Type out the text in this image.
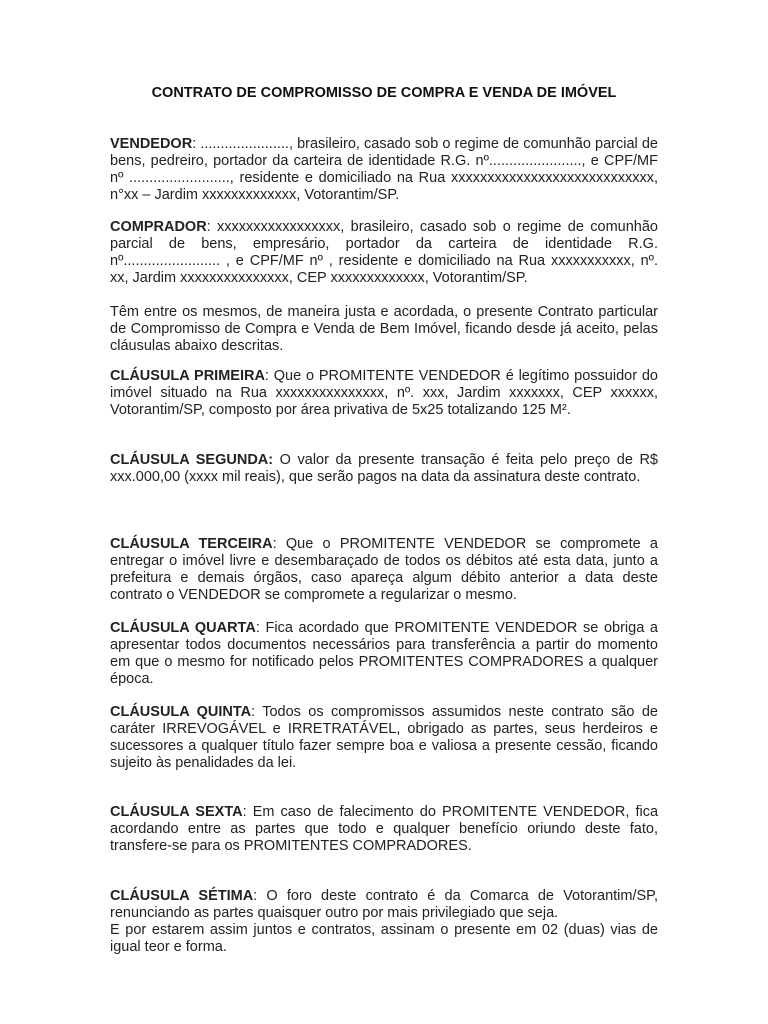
CONTRATO DE COMPROMISSO DE COMPRA E VENDA DE IMÓVEL

VENDEDOR: ......................, brasileiro, casado sob o regime de comunhão parcial de bens, pedreiro, portador da carteira de identidade R.G. nº......................., e CPF/MF nº ........................., residente e domiciliado na Rua xxxxxxxxxxxxxxxxxxxxxxxxxxxx, n°xx – Jardim xxxxxxxxxxxxx, Votorantim/SP.

COMPRADOR: xxxxxxxxxxxxxxxxx, brasileiro, casado sob o regime de comunhão parcial de bens, empresário, portador da carteira de identidade R.G. nº........................ , e CPF/MF nº , residente e domiciliado na Rua xxxxxxxxxxx, nº. xx, Jardim xxxxxxxxxxxxxxx, CEP xxxxxxxxxxxxx, Votorantim/SP.

Têm entre os mesmos, de maneira justa e acordada, o presente Contrato particular de Compromisso de Compra e Venda de Bem Imóvel, ficando desde já aceito, pelas cláusulas abaixo descritas.

CLÁUSULA PRIMEIRA: Que o PROMITENTE VENDEDOR é legítimo possuidor do imóvel situado na Rua xxxxxxxxxxxxxxx, nº. xxx, Jardim xxxxxxx, CEP xxxxxx, Votorantim/SP, composto por área privativa de 5x25 totalizando 125 M².

CLÁUSULA SEGUNDA: O valor da presente transação é feita pelo preço de R$ xxx.000,00 (xxxx mil reais), que serão pagos na data da assinatura deste contrato.

CLÁUSULA TERCEIRA: Que o PROMITENTE VENDEDOR se compromete a entregar o imóvel livre e desembaraçado de todos os débitos até esta data, junto a prefeitura e demais órgãos, caso apareça algum débito anterior a data deste contrato o VENDEDOR se compromete a regularizar o mesmo.

CLÁUSULA QUARTA: Fica acordado que PROMITENTE VENDEDOR se obriga a apresentar todos documentos necessários para transferência a partir do momento em que o mesmo for notificado pelos PROMITENTES COMPRADORES a qualquer época.

CLÁUSULA QUINTA: Todos os compromissos assumidos neste contrato são de caráter IRREVOGÁVEL e IRRETRATÁVEL, obrigado as partes, seus herdeiros e sucessores a qualquer título fazer sempre boa e valiosa a presente cessão, ficando sujeito às penalidades da lei.

CLÁUSULA SEXTA: Em caso de falecimento do PROMITENTE VENDEDOR, fica acordando entre as partes que todo e qualquer benefício oriundo deste fato, transfere-se para os PROMITENTES COMPRADORES.

CLÁUSULA SÉTIMA: O foro deste contrato é da Comarca de Votorantim/SP, renunciando as partes quaisquer outro por mais privilegiado que seja.
E por estarem assim juntos e contratos, assinam o presente em 02 (duas) vias de igual teor e forma.
